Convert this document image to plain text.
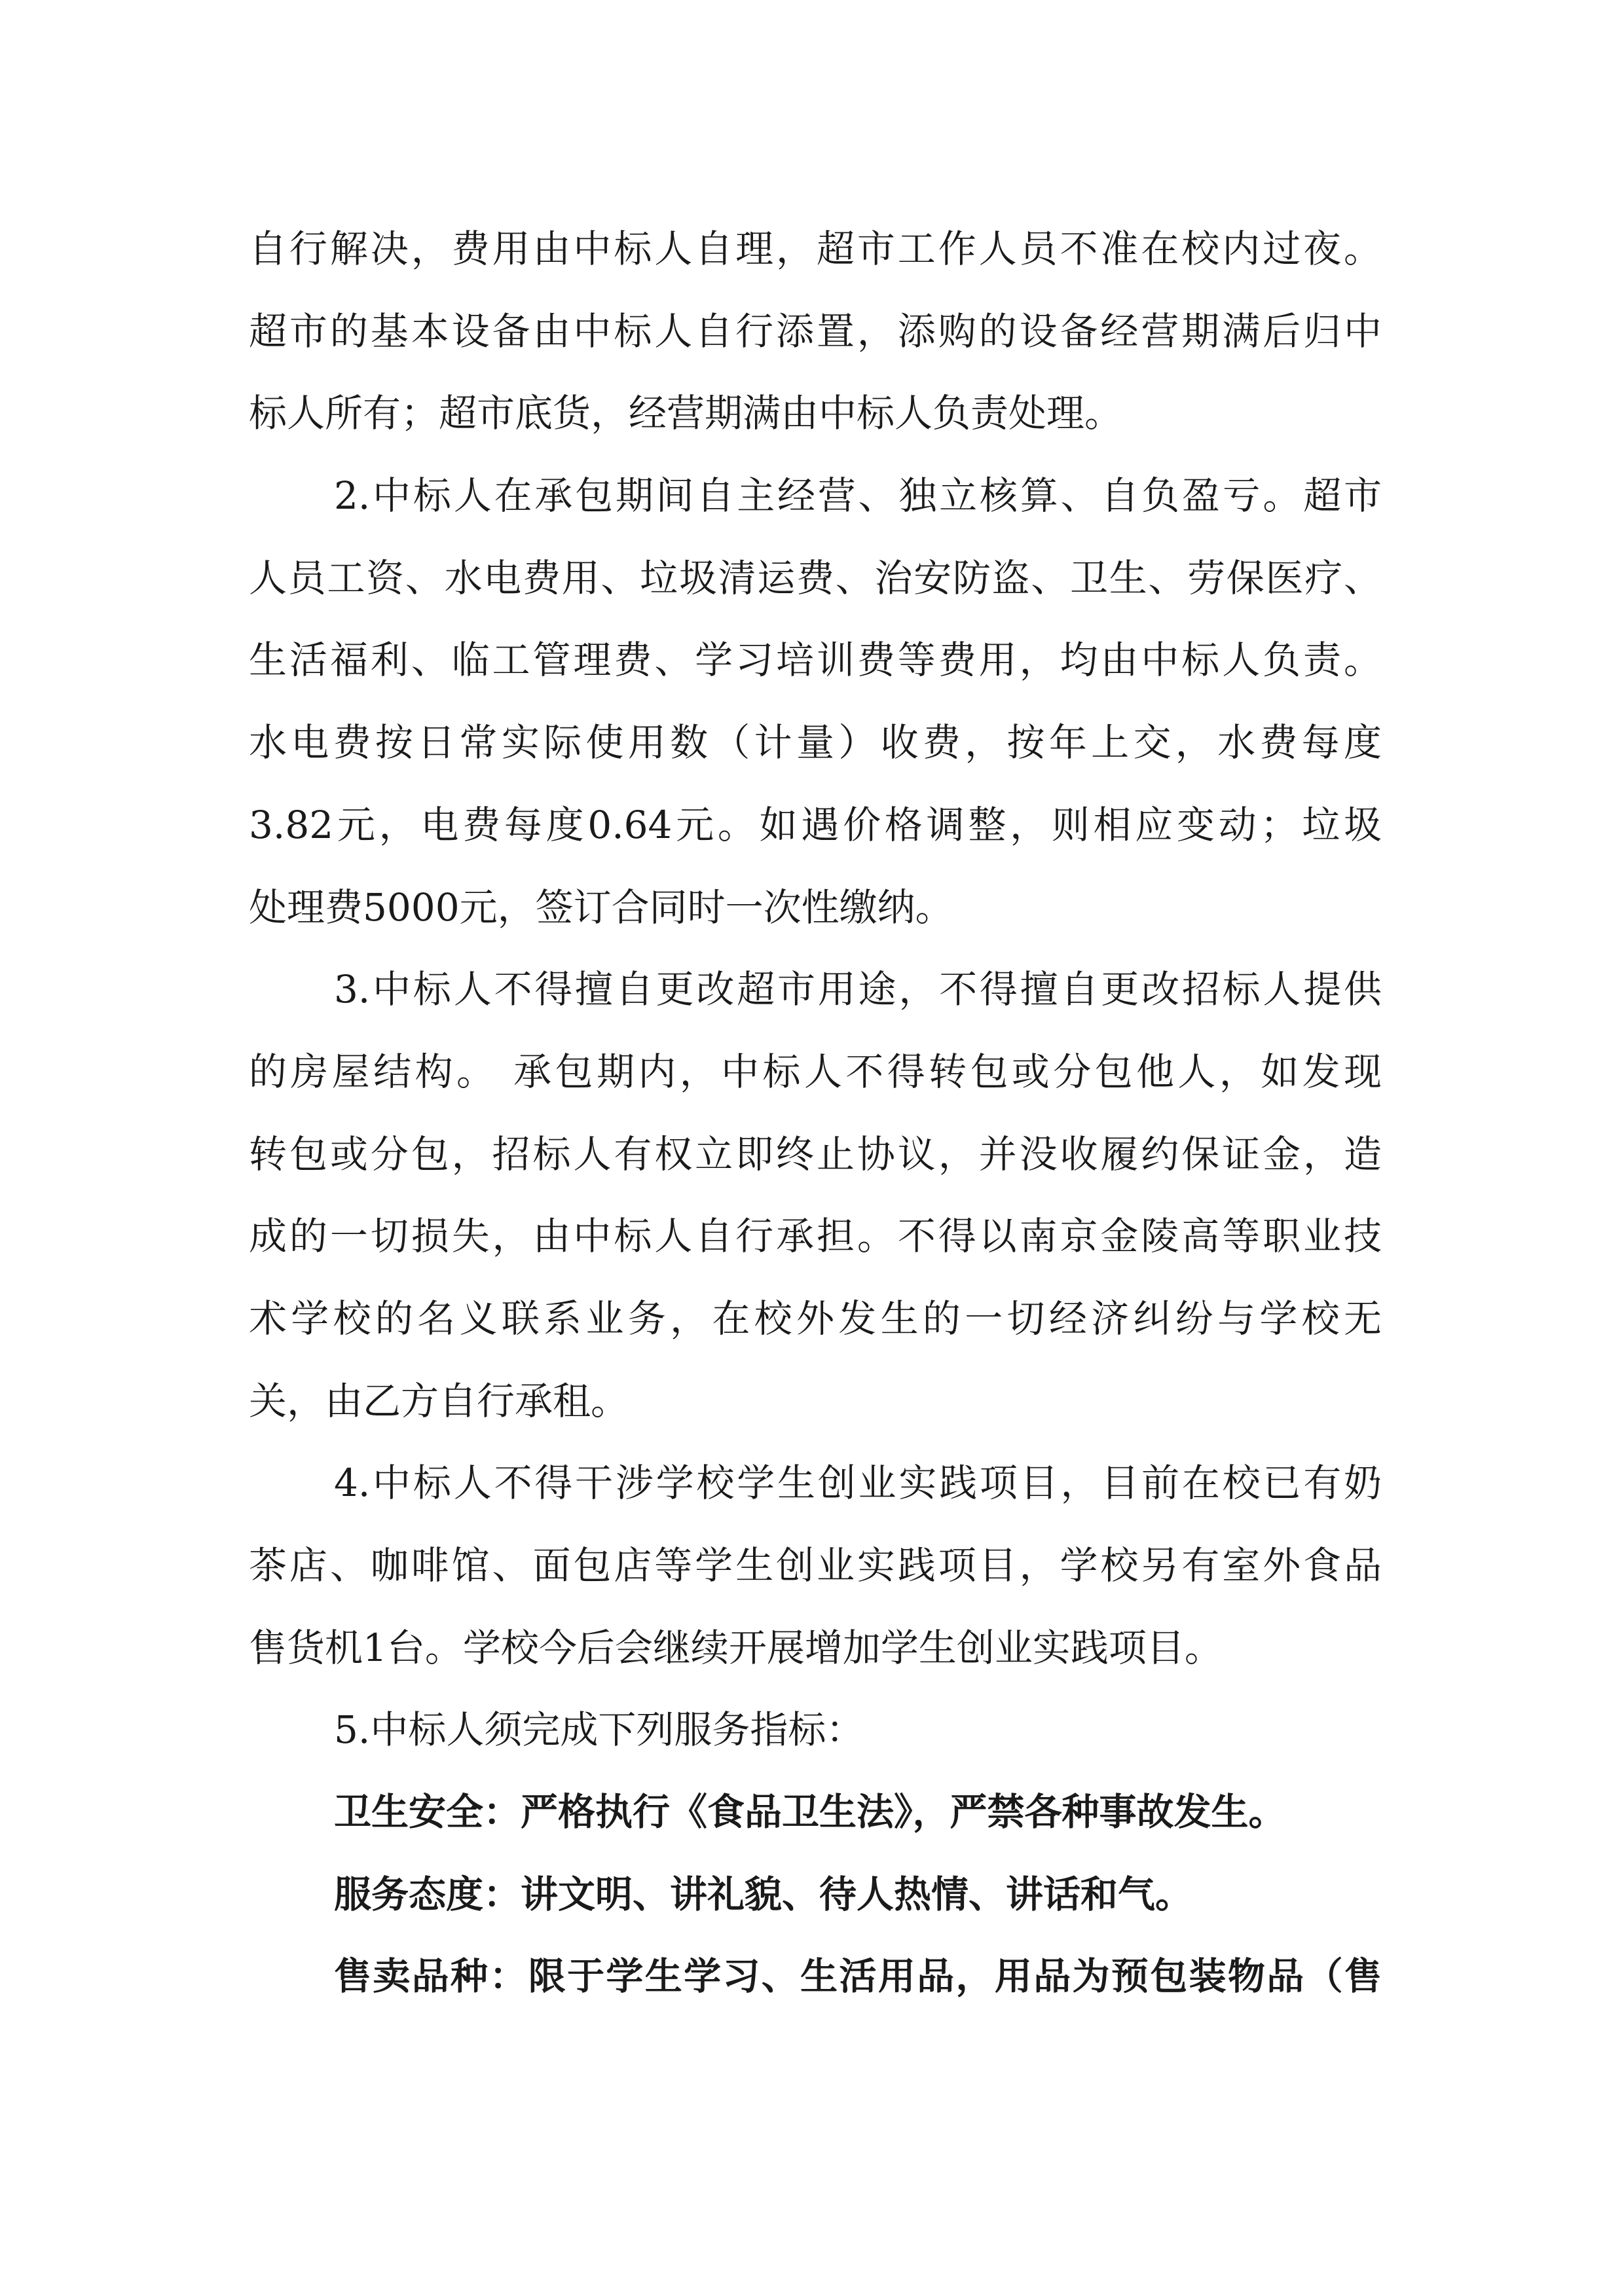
自行解决，费用由中标人自理，超市工作人员不准在校内过夜。
超市的基本设备由中标人自行添置，添购的设备经营期满后归中
标人所有；超市底货，经营期满由中标人负责处理。
2.中标人在承包期间自主经营、独立核算、自负盈亏。超市
人员工资、水电费用、垃圾清运费、治安防盗、卫生、劳保医疗、
生活福利、临工管理费、学习培训费等费用，均由中标人负责。
水电费按日常实际使用数（计量）收费，按年上交，水费每度
3.82元，电费每度0.64元。如遇价格调整，则相应变动；垃圾
处理费5000元，签订合同时一次性缴纳。
3.中标人不得擅自更改超市用途，不得擅自更改招标人提供
的房屋结构。 承包期内，中标人不得转包或分包他人，如发现
转包或分包，招标人有权立即终止协议，并没收履约保证金，造
成的一切损失，由中标人自行承担。不得以南京金陵高等职业技
术学校的名义联系业务，在校外发生的一切经济纠纷与学校无
关，由乙方自行承租。
4.中标人不得干涉学校学生创业实践项目，目前在校已有奶
茶店、咖啡馆、面包店等学生创业实践项目，学校另有室外食品
售货机1台。学校今后会继续开展增加学生创业实践项目。
5.中标人须完成下列服务指标：
卫生安全：严格执行《食品卫生法》，严禁各种事故发生。
服务态度：讲文明、讲礼貌、待人热情、讲话和气。
售卖品种：限于学生学习、生活用品，用品为预包装物品（售
